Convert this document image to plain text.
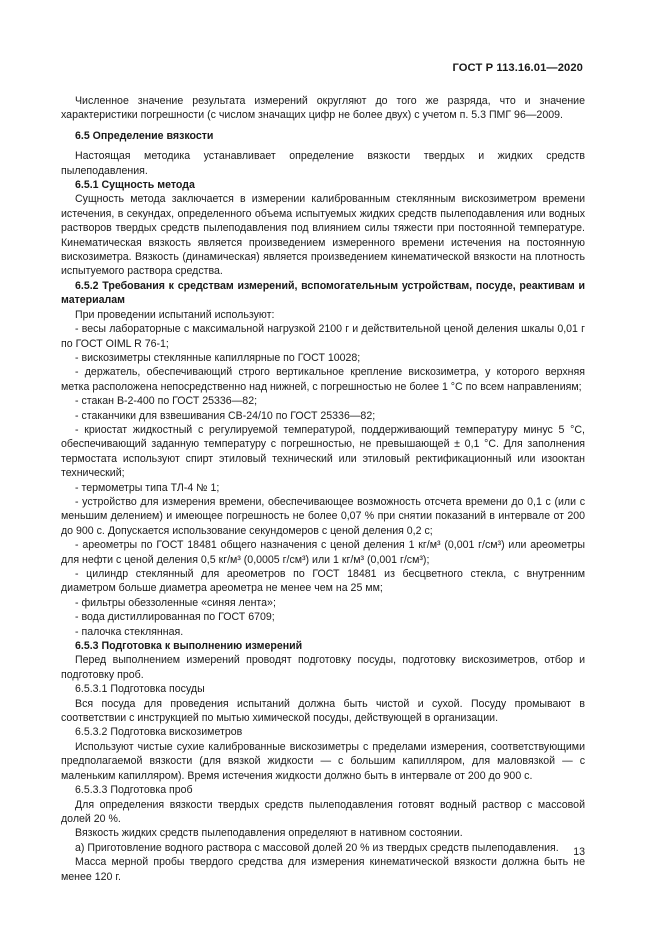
ГОСТ Р 113.16.01—2020

Численное значение результата измерений округляют до того же разряда, что и значение характеристики погрешности (с числом значащих цифр не более двух) с учетом п. 5.3 ПМГ 96—2009.

6.5 Определение вязкости

Настоящая методика устанавливает определение вязкости твердых и жидких средств пылеподавления.

6.5.1 Сущность метода

Сущность метода заключается в измерении калиброванным стеклянным вискозиметром времени истечения, в секундах, определенного объема испытуемых жидких средств пылеподавления или водных растворов твердых средств пылеподавления под влиянием силы тяжести при постоянной температуре. Кинематическая вязкость является произведением измеренного времени истечения на постоянную вискозиметра. Вязкость (динамическая) является произведением кинематической вязкости на плотность испытуемого раствора средства.

6.5.2 Требования к средствам измерений, вспомогательным устройствам, посуде, реактивам и материалам

При проведении испытаний используют:

- весы лабораторные с максимальной нагрузкой 2100 г и действительной ценой деления шкалы 0,01 г по ГОСТ OIML R 76-1;

- вискозиметры стеклянные капиллярные по ГОСТ 10028;

- держатель, обеспечивающий строго вертикальное крепление вискозиметра, у которого верхняя метка расположена непосредственно над нижней, с погрешностью не более 1 °С по всем направлениям;

- стакан В-2-400 по ГОСТ 25336—82;

- стаканчики для взвешивания СВ-24/10 по ГОСТ 25336—82;

- криостат жидкостный с регулируемой температурой, поддерживающий температуру минус 5 °С, обеспечивающий заданную температуру с погрешностью, не превышающей ± 0,1 °С. Для заполнения термостата используют спирт этиловый технический или этиловый ректификационный или изооктан технический;

- термометры типа ТЛ-4 № 1;

- устройство для измерения времени, обеспечивающее возможность отсчета времени до 0,1 с (или с меньшим делением) и имеющее погрешность не более 0,07 % при снятии показаний в интервале от 200 до 900 с. Допускается использование секундомеров с ценой деления 0,2 с;

- ареометры по ГОСТ 18481 общего назначения с ценой деления 1 кг/м³ (0,001 г/см³) или ареометры для нефти с ценой деления 0,5 кг/м³ (0,0005 г/см³) или 1 кг/м³ (0,001 г/см³);

- цилиндр стеклянный для ареометров по ГОСТ 18481 из бесцветного стекла, с внутренним диаметром больше диаметра ареометра не менее чем на 25 мм;

- фильтры обеззоленные «синяя лента»;

- вода дистиллированная по ГОСТ 6709;

- палочка стеклянная.

6.5.3 Подготовка к выполнению измерений

Перед выполнением измерений проводят подготовку посуды, подготовку вискозиметров, отбор и подготовку проб.

6.5.3.1 Подготовка посуды

Вся посуда для проведения испытаний должна быть чистой и сухой. Посуду промывают в соответствии с инструкцией по мытью химической посуды, действующей в организации.

6.5.3.2 Подготовка вискозиметров

Используют чистые сухие калиброванные вискозиметры с пределами измерения, соответствующими предполагаемой вязкости (для вязкой жидкости — с большим капилляром, для маловязкой — с маленьким капилляром). Время истечения жидкости должно быть в интервале от 200 до 900 с.

6.5.3.3 Подготовка проб

Для определения вязкости твердых средств пылеподавления готовят водный раствор с массовой долей 20 %.

Вязкость жидких средств пылеподавления определяют в нативном состоянии.

а) Приготовление водного раствора с массовой долей 20 % из твердых средств пылеподавления.

Масса мерной пробы твердого средства для измерения кинематической вязкости должна быть не менее 120 г.

13
